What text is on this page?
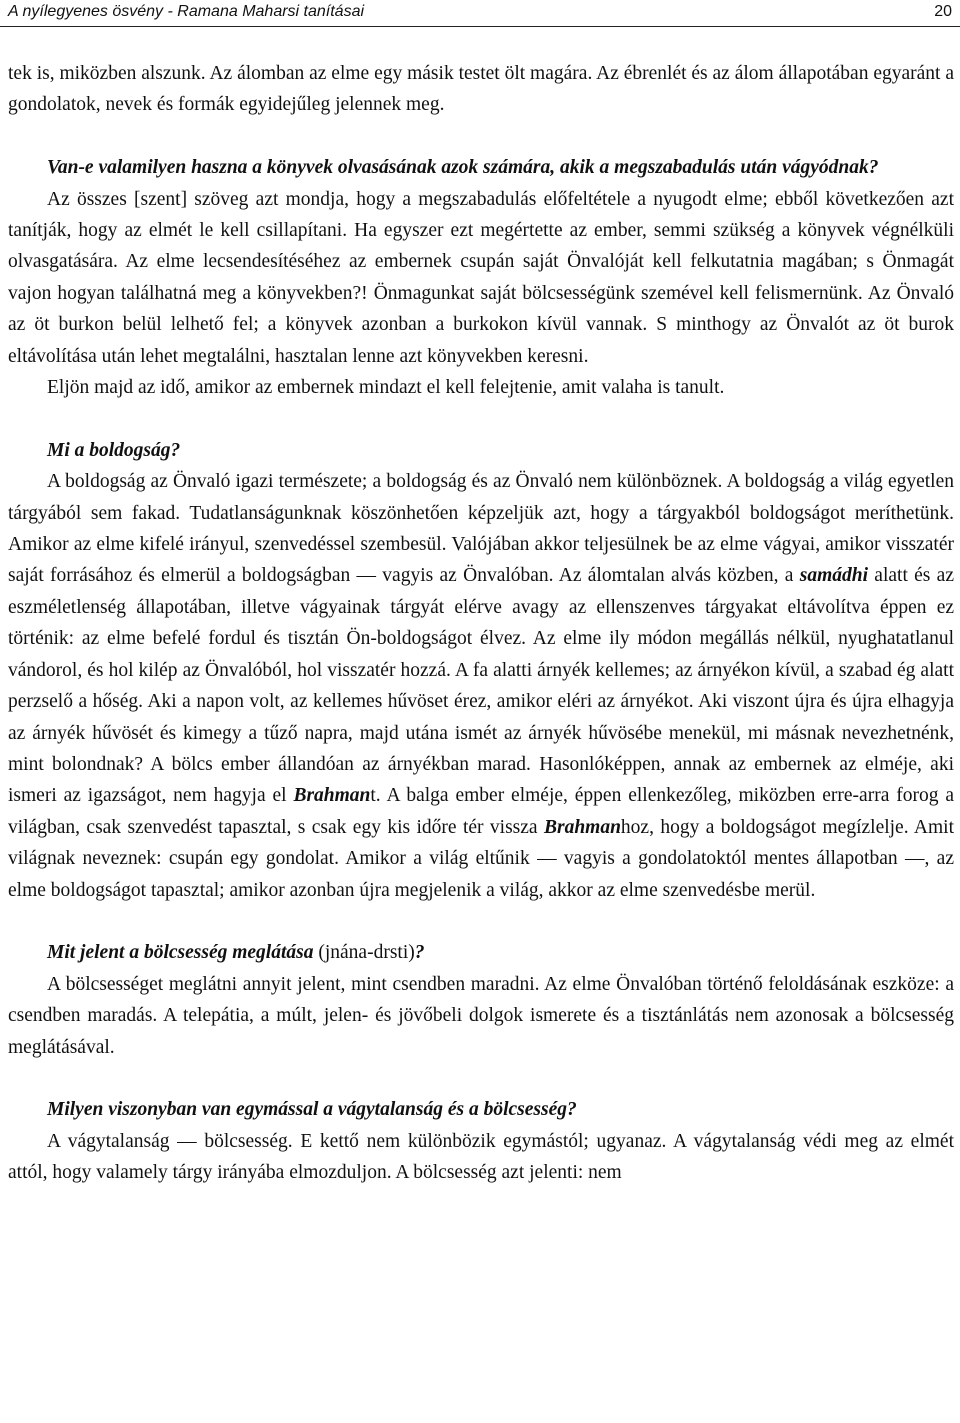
A nyílegyenes ösvény - Ramana Maharsi tanításai	20

tek is, miközben alszunk. Az álomban az elme egy másik testet ölt magára. Az ébrenlét és az álom állapotában egyaránt a gondolatok, nevek és formák egyidejűleg jelennek meg.

Van-e valamilyen haszna a könyvek olvasásának azok számára, akik a megszabadulás után vágyódnak?

Az összes [szent] szöveg azt mondja, hogy a megszabadulás előfeltétele a nyugodt elme; ebből következően azt tanítják, hogy az elmét le kell csillapítani. Ha egyszer ezt megértette az ember, semmi szükség a könyvek végnélküli olvasgatására. Az elme lecsendesítéséhez az embernek csupán saját Önvalóját kell felkutatnia magában; s Önmagát vajon hogyan találhatná meg a könyvekben?! Önmagunkat saját bölcsességünk szemével kell felismernünk. Az Önvaló az öt burkon belül lelhető fel; a könyvek azonban a burkokon kívül vannak. S minthogy az Önvalót az öt burok eltávolítása után lehet megtalálni, hasztalan lenne azt könyvekben keresni.

Eljön majd az idő, amikor az embernek mindazt el kell felejtenie, amit valaha is tanult.

Mi a boldogság?

A boldogság az Önvaló igazi természete; a boldogság és az Önvaló nem különböznek. A boldogság a világ egyetlen tárgyából sem fakad. Tudatlanságunknak köszönhetően képzeljük azt, hogy a tárgyakból boldogságot meríthetünk. Amikor az elme kifelé irányul, szenvedéssel szembesül. Valójában akkor teljesülnek be az elme vágyai, amikor visszatér saját forrásához és elmerül a boldogságban — vagyis az Önvalóban. Az álomtalan alvás közben, a samádhi alatt és az eszméletlenség állapotában, illetve vágyainak tárgyát elérve avagy az ellenszenves tárgyakat eltávolítva éppen ez történik: az elme befelé fordul és tisztán Ön-boldogságot élvez. Az elme ily módon megállás nélkül, nyughatatlanul vándorol, és hol kilép az Önvalóból, hol visszatér hozzá. A fa alatti árnyék kellemes; az árnyékon kívül, a szabad ég alatt perzselő a hőség. Aki a napon volt, az kellemes hűvöset érez, amikor eléri az árnyékot. Aki viszont újra és újra elhagyja az árnyék hűvösét és kimegy a tűző napra, majd utána ismét az árnyék hűvösébe menekül, mi másnak nevezhetnénk, mint bolondnak? A bölcs ember állandóan az árnyékban marad. Hasonlóképpen, annak az embernek az elméje, aki ismeri az igazságot, nem hagyja el Brahmant. A balga ember elméje, éppen ellenkezőleg, miközben erre-arra forog a világban, csak szenvedést tapasztal, s csak egy kis időre tér vissza Brahmanhoz, hogy a boldogságot megízlelje. Amit világnak neveznek: csupán egy gondolat. Amikor a világ eltűnik — vagyis a gondolatoktól mentes állapotban —, az elme boldogságot tapasztal; amikor azonban újra megjelenik a világ, akkor az elme szenvedésbe merül.

Mit jelent a bölcsesség meglátása (jnána-drsti)?

A bölcsességet meglátni annyit jelent, mint csendben maradni. Az elme Önvalóban történő feloldásának eszköze: a csendben maradás. A telepátia, a múlt, jelen- és jövőbeli dolgok ismerete és a tisztánlátás nem azonosak a bölcsesség meglátásával.

Milyen viszonyban van egymással a vágytalanság és a bölcsesség?

A vágytalanság — bölcsesség. E kettő nem különbözik egymástól; ugyanaz. A vágytalanság védi meg az elmét attól, hogy valamely tárgy irányába elmozduljon. A bölcsesség azt jelenti: nem
